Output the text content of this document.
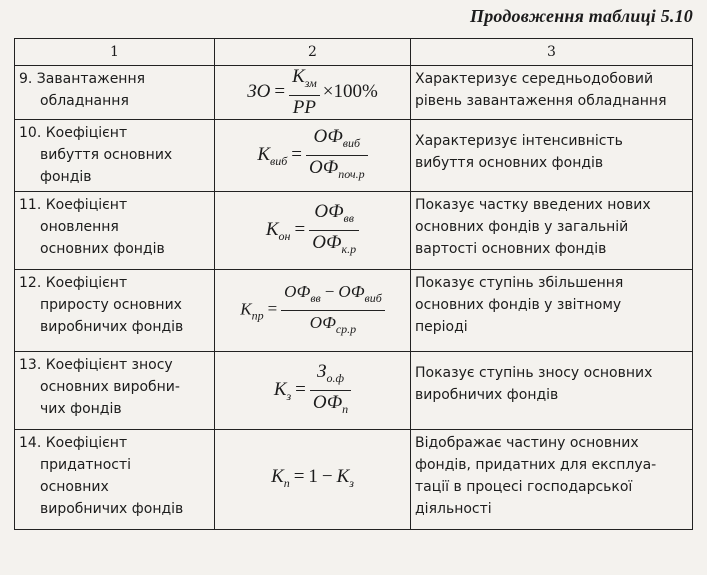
Продовження таблиці 5.10
1	2	3
9. Завантаження
обладнання	ЗО = $\frac{К_{зм}}{РР} \times 100\%$	Характеризує середньодобовий
рівень завантаження обладнання
10. Коефіцієнт
вибуття основних
фондів	$К_{виб} = \frac{ОФ_{виб}}{ОФ_{поч.р}}$	Характеризує інтенсивність
вибуття основних фондів
11. Коефіцієнт
оновлення
основних фондів	$К_{он} = \frac{ОФ_{вв}}{ОФ_{к.р}}$	Показує частку введених нових
основних фондів у загальній
вартості основних фондів
12. Коефіцієнт
приросту основних
виробничих фондів	$К_{пр} = \frac{ОФ_{вв} - ОФ_{виб}}{ОФ_{ср.р}}$	Показує ступінь збільшення
основних фондів у звітному
періоді
13. Коефіцієнт зносу
основних виробни-
чих фондів	$К_з = \frac{З_{о.ф}}{ОФ_п}$	Показує ступінь зносу основних
виробничих фондів
14. Коефіцієнт
придатності
основних
виробничих фондів	$К_п = 1 - К_з$	Відображає частину основних
фондів, придатних для експлуа-
тації в процесі господарської
діяльності
